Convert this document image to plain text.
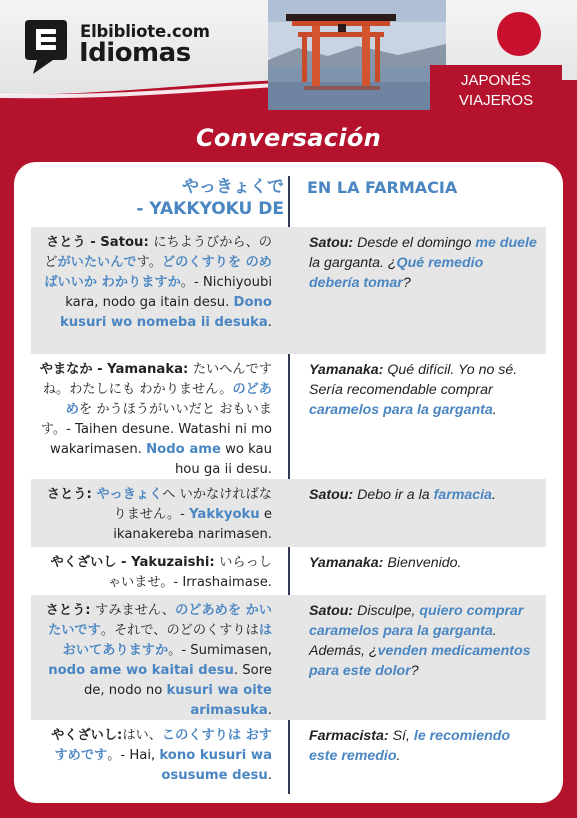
Elbibliote.com
Idiomas
JAPONÉS
VIAJEROS
Conversación
やっきょくで
- YAKKYOKU DE
EN LA FARMACIA
さとう - Satou: にちようびから、のどがいたいんです。どのくすりを のめばいいか わかりますか。- Nichiyoubi kara, nodo ga itain desu. Dono kusuri wo nomeba ii desuka.
Satou: Desde el domingo me duele la garganta. ¿Qué remedio debería tomar?
やまなか - Yamanaka: たいへんですね。わたしにも わかりません。のどあめを かうほうがいいだと おもいます。- Taihen desune. Watashi ni mo wakarimasen. Nodo ame wo kau hou ga ii desu.
Yamanaka: Qué difícil. Yo no sé. Sería recomendable comprar caramelos para la garganta.
さとう: やっきょくへ いかなければなりません。- Yakkyoku e ikanakereba narimasen.
Satou: Debo ir a la farmacia.
やくざいし - Yakuzaishi: いらっしゃいませ。- Irrashaimase.
Yamanaka: Bienvenido.
さとう: すみません、のどあめを かいたいです。それで、のどのくすりははおいてありますか。- Sumimasen, nodo ame wo kaitai desu. Sore de, nodo no kusuri wa oite arimasuka.
Satou: Disculpe, quiero comprar caramelos para la garganta. Además, ¿venden medicamentos para este dolor?
やくざいし:はい、このくすりは おすすめです。- Hai, kono kusuri wa osusume desu.
Farmacista: Sí, le recomiendo este remedio.
